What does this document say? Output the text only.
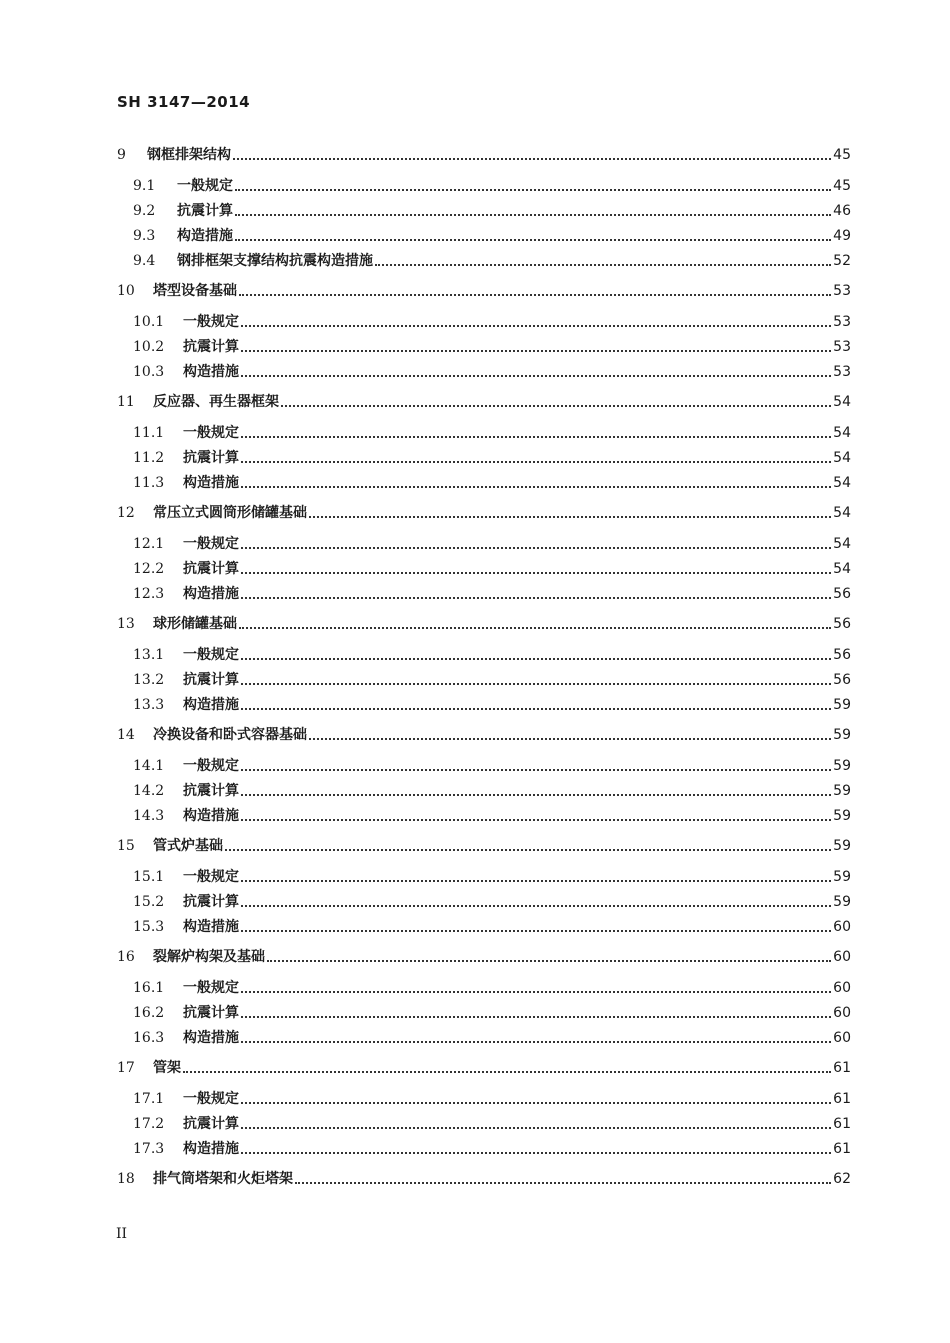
SH 3147—2014
9	钢框排架结构	45
9.1	一般规定	45
9.2	抗震计算	46
9.3	构造措施	49
9.4	钢排框架支撑结构抗震构造措施	52
10	塔型设备基础	53
10.1	一般规定	53
10.2	抗震计算	53
10.3	构造措施	53
11	反应器、再生器框架	54
11.1	一般规定	54
11.2	抗震计算	54
11.3	构造措施	54
12	常压立式圆筒形储罐基础	54
12.1	一般规定	54
12.2	抗震计算	54
12.3	构造措施	56
13	球形储罐基础	56
13.1	一般规定	56
13.2	抗震计算	56
13.3	构造措施	59
14	冷换设备和卧式容器基础	59
14.1	一般规定	59
14.2	抗震计算	59
14.3	构造措施	59
15	管式炉基础	59
15.1	一般规定	59
15.2	抗震计算	59
15.3	构造措施	60
16	裂解炉构架及基础	60
16.1	一般规定	60
16.2	抗震计算	60
16.3	构造措施	60
17	管架	61
17.1	一般规定	61
17.2	抗震计算	61
17.3	构造措施	61
18	排气筒塔架和火炬塔架	62
II
